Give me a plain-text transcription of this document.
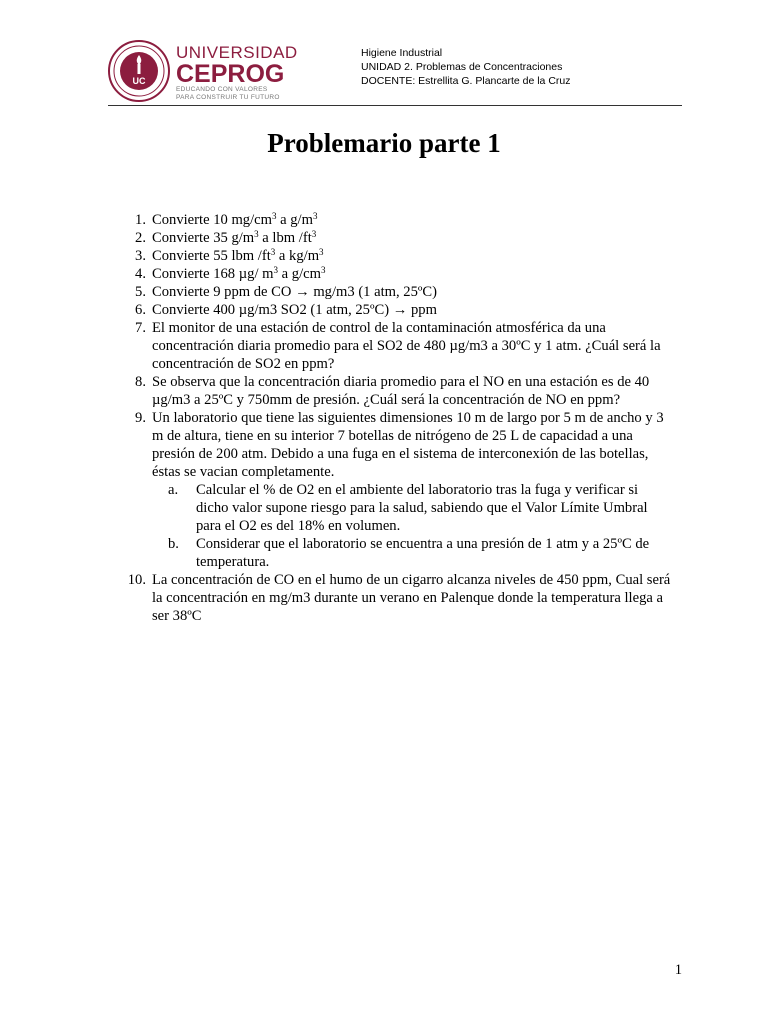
UC
UNIVERSIDAD
CEPROG
EDUCANDO CON VALORES
PARA CONSTRUIR TU FUTURO
Higiene Industrial
UNIDAD 2. Problemas de Concentraciones
DOCENTE: Estrellita G. Plancarte de la Cruz
Problemario parte 1
1. Convierte 10 $mg/cm^3$ a $g/m^3$
2. Convierte 35 $g/m^3$ a lbm $/ft^3$
3. Convierte 55 lbm $/ft^3$ a $kg/m^3$
4. Convierte 168 µg/ $m^3$ a $g/cm^3$
5. Convierte 9 ppm de CO → mg/m3 (1 atm, 25ºC)
6. Convierte 400 µg/m3 SO2 (1 atm, 25ºC) → ppm
7. El monitor de una estación de control de la contaminación atmosférica da una concentración diaria promedio para el SO2 de 480 µg/m3 a 30ºC y 1 atm. ¿Cuál será la concentración de SO2 en ppm?
8. Se observa que la concentración diaria promedio para el NO en una estación es de 40 µg/m3 a 25ºC y 750mm de presión. ¿Cuál será la concentración de NO en ppm?
9. Un laboratorio que tiene las siguientes dimensiones 10 m de largo por 5 m de ancho y 3 m de altura, tiene en su interior 7 botellas de nitrógeno de 25 L de capacidad a una presión de 200 atm. Debido a una fuga en el sistema de interconexión de las botellas, éstas se vacian completamente.
a.	Calcular el % de O2 en el ambiente del laboratorio tras la fuga y verificar si dicho valor supone riesgo para la salud, sabiendo que el Valor Límite Umbral para el O2 es del 18% en volumen.
b.	Considerar que el laboratorio se encuentra a una presión de 1 atm y a 25ºC de temperatura.
10. La concentración de CO en el humo de un cigarro alcanza niveles de 450 ppm, Cual será la concentración en mg/m3 durante un verano en Palenque donde la temperatura llega a ser 38ºC
1
